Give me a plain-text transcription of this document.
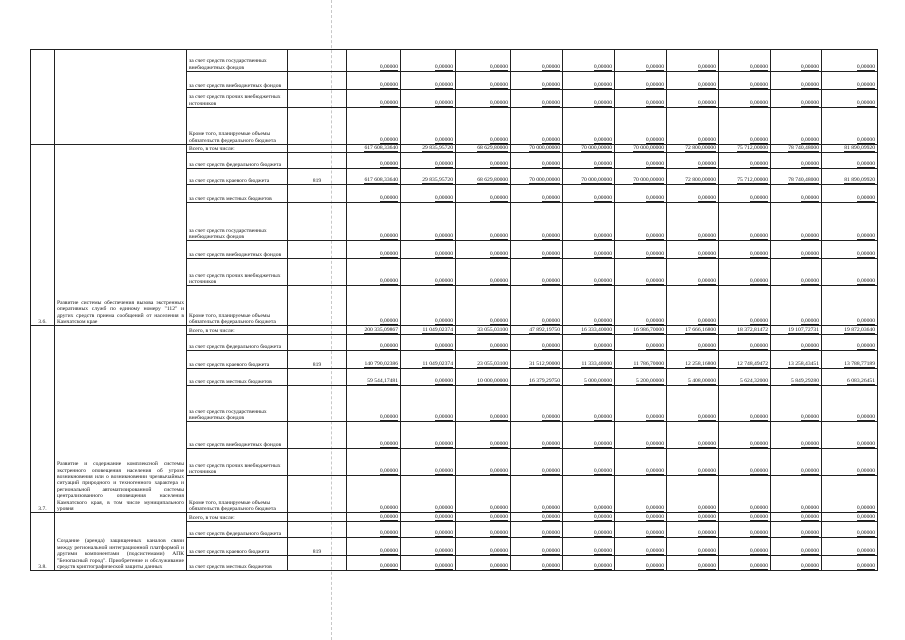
		за счет средств государственных внебюджетных фондов		0,00000	0,00000	0,00000	0,00000	0,00000	0,00000	0,00000	0,00000	0,00000	0,00000
		за счет средств внебюджетных фондов		0,00000	0,00000	0,00000	0,00000	0,00000	0,00000	0,00000	0,00000	0,00000	0,00000
		за счет средств прочих внебюджетных источников		0,00000	0,00000	0,00000	0,00000	0,00000	0,00000	0,00000	0,00000	0,00000	0,00000
		Кроме того, планируемые объемы обязательств федерального бюджета		0,00000	0,00000	0,00000	0,00000	0,00000	0,00000	0,00000	0,00000	0,00000	0,00000
3.6.	Развитие системы обеспечения вызова экстренных оперативных служб по единому номеру "112" и других средств приема сообщений от населения в Камчатском крае	Всего, в том числе:		617 608,33640	29 835,95720	68 629,80000	70 000,00000	70 000,00000	70 000,00000	72 800,00000	75 712,00000	78 740,48000	81 890,09920
		за счет средств федерального бюджета		0,00000	0,00000	0,00000	0,00000	0,00000	0,00000	0,00000	0,00000	0,00000	0,00000
		за счет средств краевого бюджета	819	617 608,33640	29 835,95720	68 629,80000	70 000,00000	70 000,00000	70 000,00000	72 800,00000	75 712,00000	78 740,48000	81 890,09920
		за счет средств местных бюджетов		0,00000	0,00000	0,00000	0,00000	0,00000	0,00000	0,00000	0,00000	0,00000	0,00000
		за счет средств государственных внебюджетных фондов		0,00000	0,00000	0,00000	0,00000	0,00000	0,00000	0,00000	0,00000	0,00000	0,00000
		за счет средств внебюджетных фондов		0,00000	0,00000	0,00000	0,00000	0,00000	0,00000	0,00000	0,00000	0,00000	0,00000
		за счет средств прочих внебюджетных источников		0,00000	0,00000	0,00000	0,00000	0,00000	0,00000	0,00000	0,00000	0,00000	0,00000
		Кроме того, планируемые объемы обязательств федерального бюджета		0,00000	0,00000	0,00000	0,00000	0,00000	0,00000	0,00000	0,00000	0,00000	0,00000
3.7.	Развитие и содержание комплексной системы экстренного оповещения населения об угрозе возникновения или о возникновении чрезвычайных ситуаций природного и техногенного характера и региональной автоматизированной системы централизованного оповещения населения Камчатского края, в том числе муниципального уровня	Всего, в том числе:		200 335,09867	11 049,02374	33 055,03100	47 892,19750	16 333,40000	16 986,70000	17 666,16800	18 372,81472	19 107,72731	19 872,03640
		за счет средств федерального бюджета		0,00000	0,00000	0,00000	0,00000	0,00000	0,00000	0,00000	0,00000	0,00000	0,00000
		за счет средств краевого бюджета	819	140 790,02386	11 049,02374	23 055,03100	31 512,90000	11 333,40000	11 786,70000	12 258,16800	12 748,49472	13 258,43451	13 788,77189
		за счет средств местных бюджетов		59 544,17481	0,00000	10 000,00000	16 379,29750	5 000,00000	5 200,00000	5 408,00000	5 624,32000	5 849,29280	6 083,26451
		за счет средств государственных внебюджетных фондов		0,00000	0,00000	0,00000	0,00000	0,00000	0,00000	0,00000	0,00000	0,00000	0,00000
		за счет средств внебюджетных фондов		0,00000	0,00000	0,00000	0,00000	0,00000	0,00000	0,00000	0,00000	0,00000	0,00000
		за счет средств прочих внебюджетных источников		0,00000	0,00000	0,00000	0,00000	0,00000	0,00000	0,00000	0,00000	0,00000	0,00000
		Кроме того, планируемые объемы обязательств федерального бюджета		0,00000	0,00000	0,00000	0,00000	0,00000	0,00000	0,00000	0,00000	0,00000	0,00000
3.8.	Создание (аренда) защищенных каналов связи между региональной интеграционной платформой и другими компонентами (подсистемами) АПК "Безопасный город". Приобретение и обслуживание средств криптографической защиты данных	Всего, в том числе:		0,00000	0,00000	0,00000	0,00000	0,00000	0,00000	0,00000	0,00000	0,00000	0,00000
		за счет средств федерального бюджета		0,00000	0,00000	0,00000	0,00000	0,00000	0,00000	0,00000	0,00000	0,00000	0,00000
		за счет средств краевого бюджета	819	0,00000	0,00000	0,00000	0,00000	0,00000	0,00000	0,00000	0,00000	0,00000	0,00000
		за счет средств местных бюджетов		0,00000	0,00000	0,00000	0,00000	0,00000	0,00000	0,00000	0,00000	0,00000	0,00000
